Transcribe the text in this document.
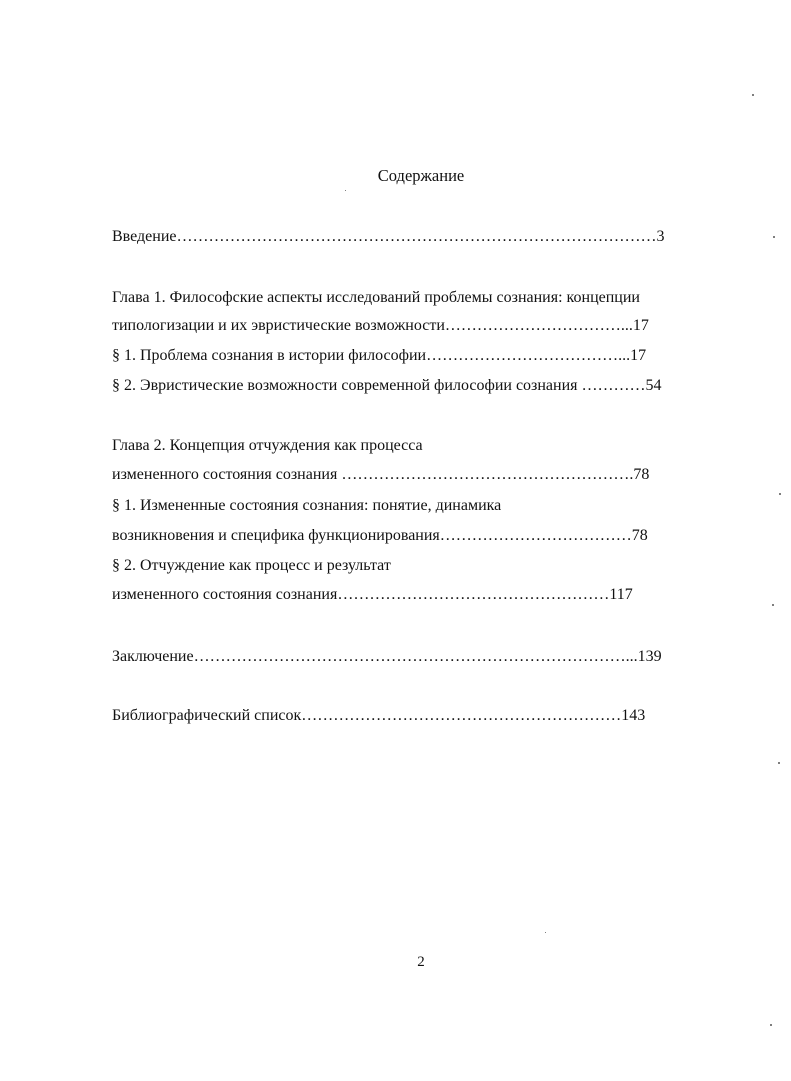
Содержание
Введение………………………………………………………………………………3
Глава 1. Философские аспекты исследований проблемы сознания: концепции
типологизации и их эвристические возможности……………………………...17
§ 1. Проблема сознания в истории философии………………………………...17
§ 2. Эвристические возможности современной философии сознания …………54
Глава 2. Концепция отчуждения как процесса
измененного состояния сознания ……………………………………………….78
§ 1. Измененные состояния сознания: понятие, динамика
возникновения и специфика функционирования………………………………78
§ 2. Отчуждение как процесс и результат
измененного состояния сознания……………………………………………117
Заключение………………………………………………………………………...139
Библиографический список……………………………………………………143
2
